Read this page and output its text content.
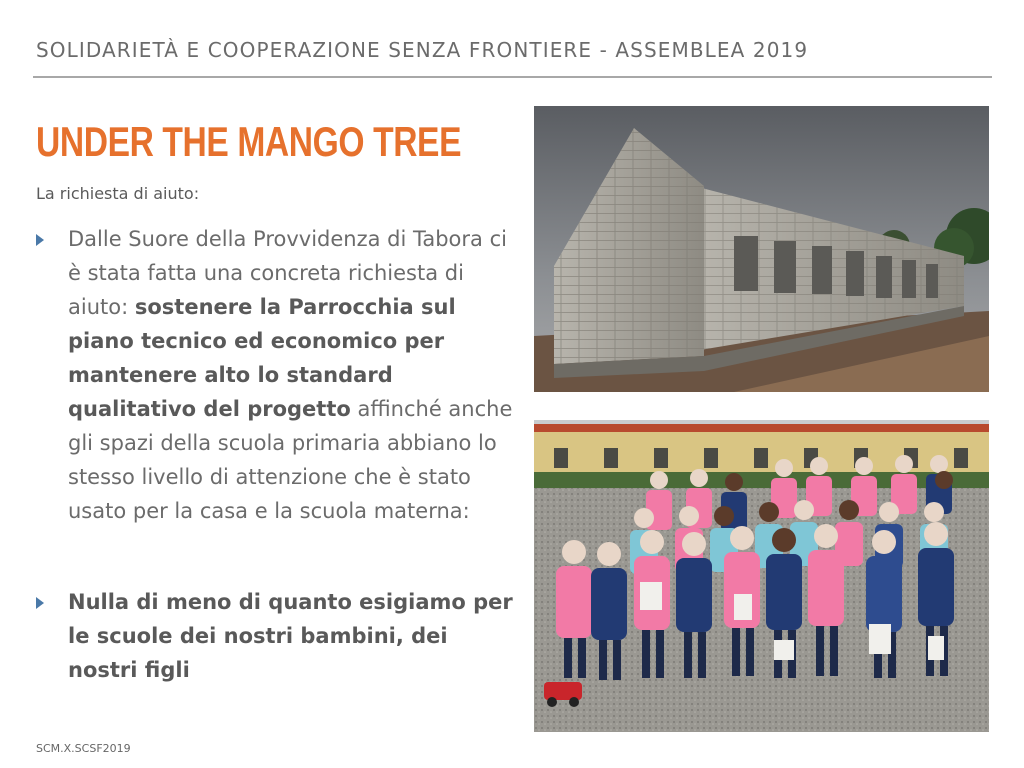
SOLIDARIETÀ E COOPERAZIONE SENZA FRONTIERE - ASSEMBLEA 2019
UNDER THE MANGO TREE
La richiesta di aiuto:
Dalle Suore della Provvidenza di Tabora ci è stata fatta una concreta richiesta di aiuto: sostenere la Parrocchia sul piano tecnico ed economico per mantenere alto lo standard qualitativo del progetto affinché anche gli spazi della scuola primaria abbiano lo stesso livello di attenzione che è stato usato per la casa e la scuola materna:
Nulla di meno di quanto esigiamo per le scuole dei nostri bambini, dei nostri figli
SCM.X.SCSF2019
